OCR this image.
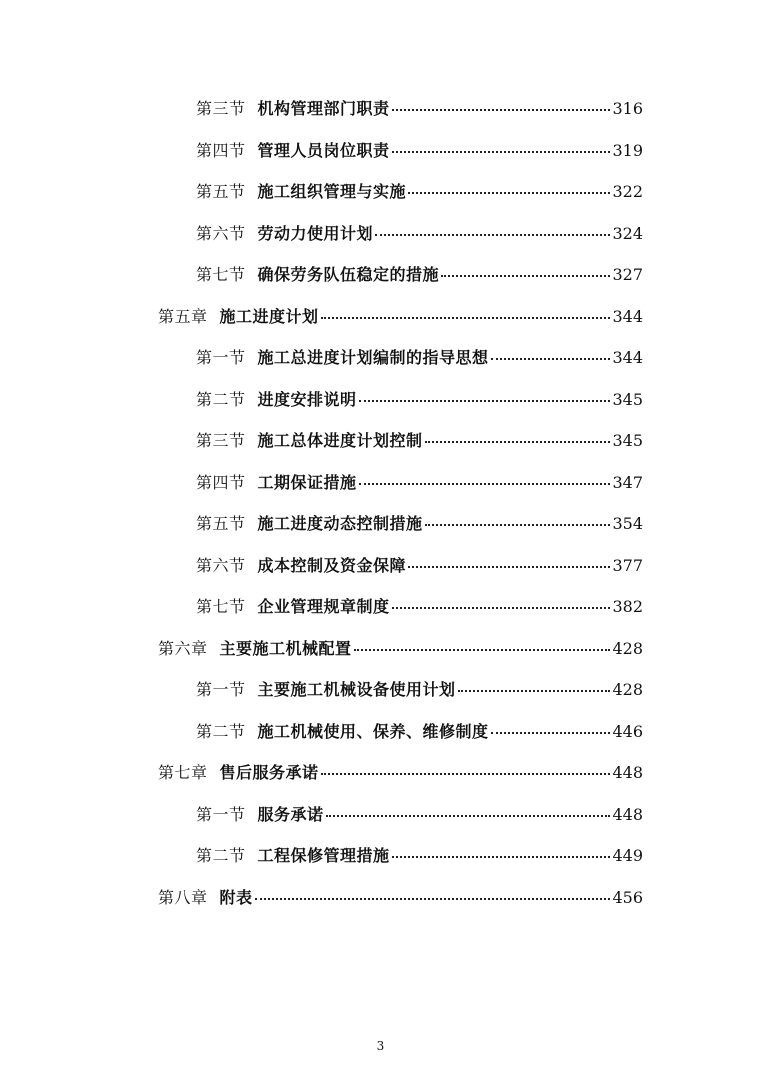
第三节 机构管理部门职责	316
第四节 管理人员岗位职责	319
第五节 施工组织管理与实施	322
第六节 劳动力使用计划	324
第七节 确保劳务队伍稳定的措施	327
第五章 施工进度计划	344
第一节 施工总进度计划编制的指导思想	344
第二节 进度安排说明	345
第三节 施工总体进度计划控制	345
第四节 工期保证措施	347
第五节 施工进度动态控制措施	354
第六节 成本控制及资金保障	377
第七节 企业管理规章制度	382
第六章 主要施工机械配置	428
第一节 主要施工机械设备使用计划	428
第二节 施工机械使用、保养、维修制度	446
第七章 售后服务承诺	448
第一节 服务承诺	448
第二节 工程保修管理措施	449
第八章 附表	456
3
